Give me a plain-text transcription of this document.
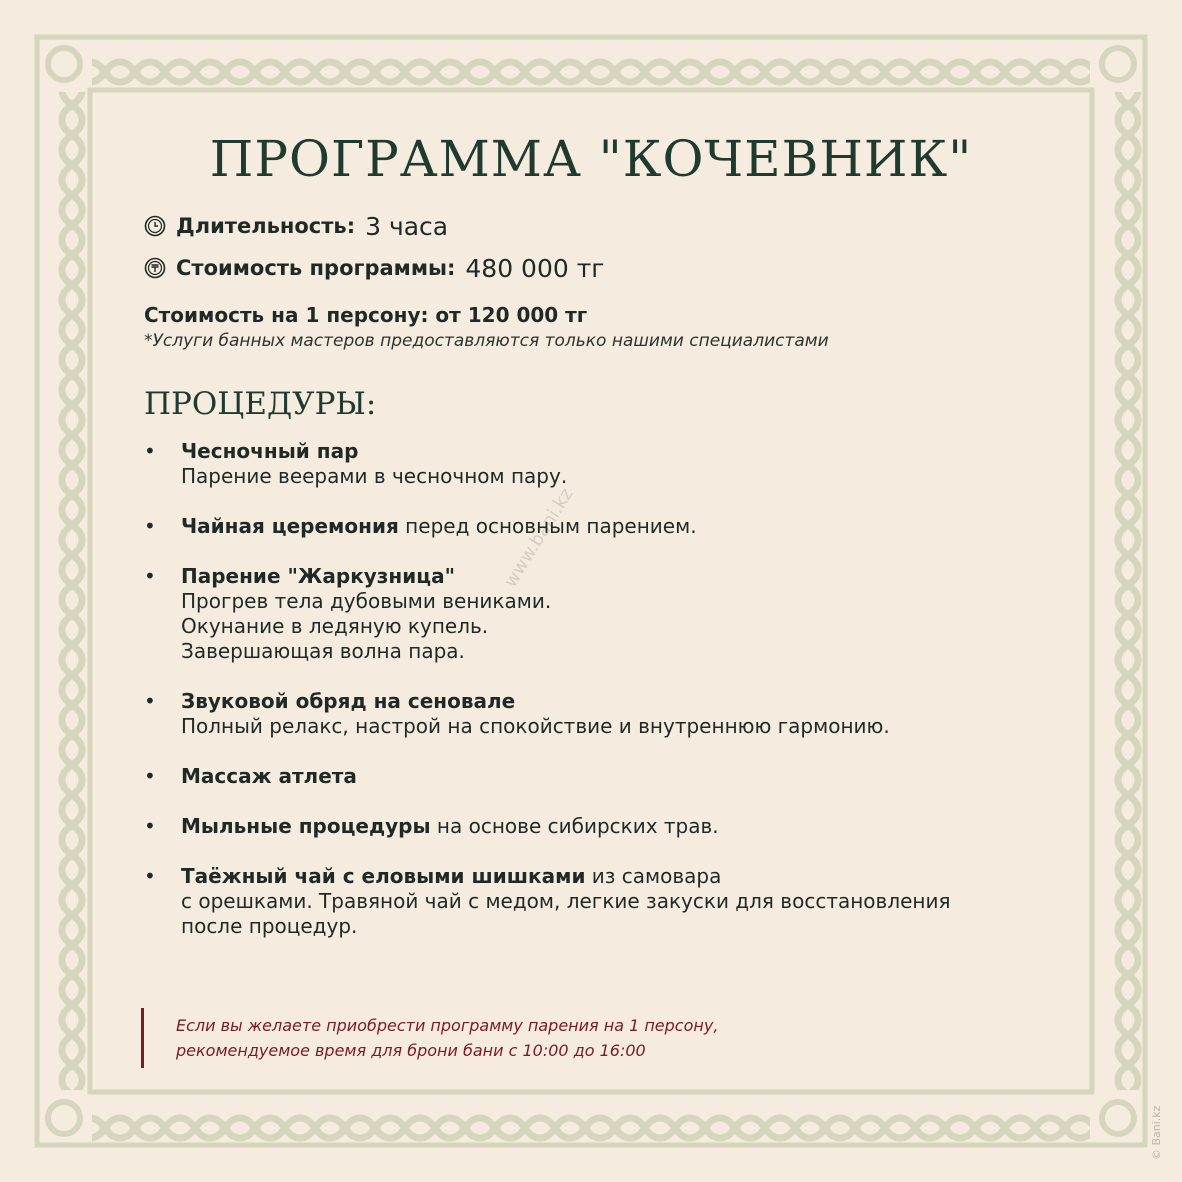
www.bani.kz
ПРОГРАММА "КОЧЕВНИК"
Длительность: 3 часа
Стоимость программы: 480 000 тг
Стоимость на 1 персону: от 120 000 тг
*Услуги банных мастеров предоставляются только нашими специалистами
ПРОЦЕДУРЫ:
•	Чесночный пар
Парение веерами в чесночном пару.
•	Чайная церемония перед основным парением.
•	Парение "Жаркузница"
Прогрев тела дубовыми вениками.
Окунание в ледяную купель.
Завершающая волна пара.
•	Звуковой обряд на сеновале
Полный релакс, настрой на спокойствие и внутреннюю гармонию.
•	Массаж атлета
•	Мыльные процедуры на основе сибирских трав.
•	Таёжный чай с еловыми шишками из самовара
с орешками. Травяной чай с медом, легкие закуски для восстановления
после процедур.
Если вы желаете приобрести программу парения на 1 персону,
рекомендуемое время для брони бани с 10:00 до 16:00
© Bani.kz
